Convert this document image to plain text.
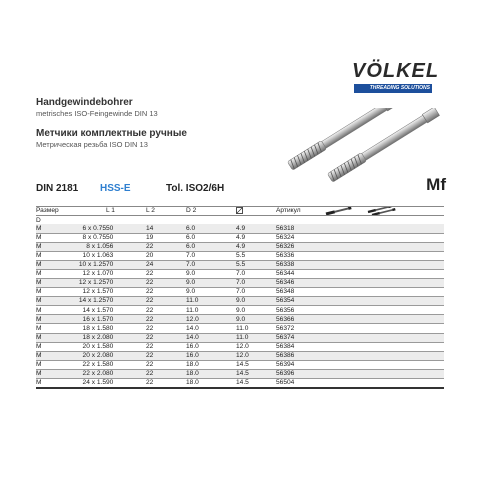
VÖLKEL
THREADING SOLUTIONS
Handgewindebohrer
metrisches ISO-Feingewinde DIN 13
Метчики комплектные ручные
Метрическая резьба ISO DIN 13
DIN 2181 HSS-E	Tol. ISO2/6H	Mf
Размер		L 1	L 2	D 2		Артикул		
D								
M	6 x 0.75	50	14	6.0	4.9	56318		
M	8 x 0.75	50	19	6.0	4.9	56324		
M	8 x 1.0	56	22	6.0	4.9	56326		
M	10 x 1.0	63	20	7.0	5.5	56336		
M	10 x 1.25	70	24	7.0	5.5	56338		
M	12 x 1.0	70	22	9.0	7.0	56344		
M	12 x 1.25	70	22	9.0	7.0	56346		
M	12 x 1.5	70	22	9.0	7.0	56348		
M	14 x 1.25	70	22	11.0	9.0	56354		
M	14 x 1.5	70	22	11.0	9.0	56356		
M	16 x 1.5	70	22	12.0	9.0	56366		
M	18 x 1.5	80	22	14.0	11.0	56372		
M	18 x 2.0	80	22	14.0	11.0	56374		
M	20 x 1.5	80	22	16.0	12.0	56384		
M	20 x 2.0	80	22	16.0	12.0	56386		
M	22 x 1.5	80	22	18.0	14.5	56394		
M	22 x 2.0	80	22	18.0	14.5	56396		
M	24 x 1.5	90	22	18.0	14.5	56504		
